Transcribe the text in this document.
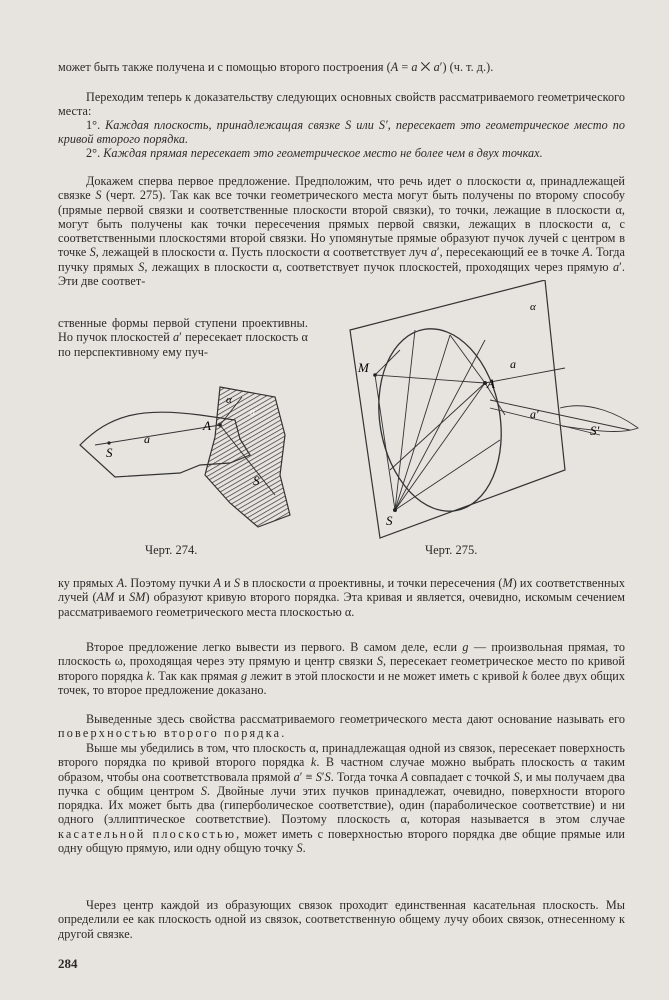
может быть также получена и с помощью второго построения (A = a ⨉ a′) (ч. т. д.).

Переходим теперь к доказательству следующих основных свойств рассматриваемого геометрического места:

1°. Каждая плоскость, принадлежащая связке S или S′, пересекает это геометрическое место по кривой второго порядка.

2°. Каждая прямая пересекает это геометрическое место не более чем в двух точках.

Докажем сперва первое предложение. Предположим, что речь идет о плоскости α, принадлежащей связке S (черт. 275). Так как все точки геометрического места могут быть получены по второму способу (прямые первой связки и соответственные плоскости второй связки), то точки, лежащие в плоскости α, могут быть получены как точки пересечения прямых первой связки, лежащих в плоскости α, с соответственными плоскостями второй связки. Но упомянутые прямые образуют пучок лучей с центром в точке S, лежащей в плоскости α. Пусть плоскости α соответствует луч a′, пересекающий ее в точке A. Тогда пучку прямых S, лежащих в плоскости α, соответствует пучок плоскостей, проходящих через прямую a′. Эти две соответ-

ственные формы первой ступени проективны. Но пучок плоскостей a′ пересекает плоскость α по перспективному ему пуч-

α
α′
a
A
S
S
α
M
A
a
a′
S′
S
Черт. 274.	Черт. 275.

ку прямых A. Поэтому пучки A и S в плоскости α проективны, и точки пересечения (M) их соответственных лучей (AM и SM) образуют кривую второго порядка. Эта кривая и является, очевидно, искомым сечением рассматриваемого геометрического места плоскостью α.

Второе предложение легко вывести из первого. В самом деле, если g — произвольная прямая, то плоскость ω, проходящая через эту прямую и центр связки S, пересекает геометрическое место по кривой второго порядка k. Так как прямая g лежит в этой плоскости и не может иметь с кривой k более двух общих точек, то второе предложение доказано.

Выведенные здесь свойства рассматриваемого геометрического места дают основание называть его поверхностью второго порядка.

Выше мы убедились в том, что плоскость α, принадлежащая одной из связок, пересекает поверхность второго порядка по кривой второго порядка k. В частном случае можно выбрать плоскость α таким образом, чтобы она соответствовала прямой a′ ≡ S′S. Тогда точка A совпадает с точкой S, и мы получаем два пучка с общим центром S. Двойные лучи этих пучков принадлежат, очевидно, поверхности второго порядка. Их может быть два (гиперболическое соответствие), один (параболическое соответствие) и ни одного (эллиптическое соответствие). Поэтому плоскость α, которая называется в этом случае касательной плоскостью, может иметь с поверхностью второго порядка две общие прямые или одну общую прямую, или одну общую точку S.

Через центр каждой из образующих связок проходит единственная касательная плоскость. Мы определили ее как плоскость одной из связок, соответственную общему лучу обоих связок, отнесенному к другой связке.

284
